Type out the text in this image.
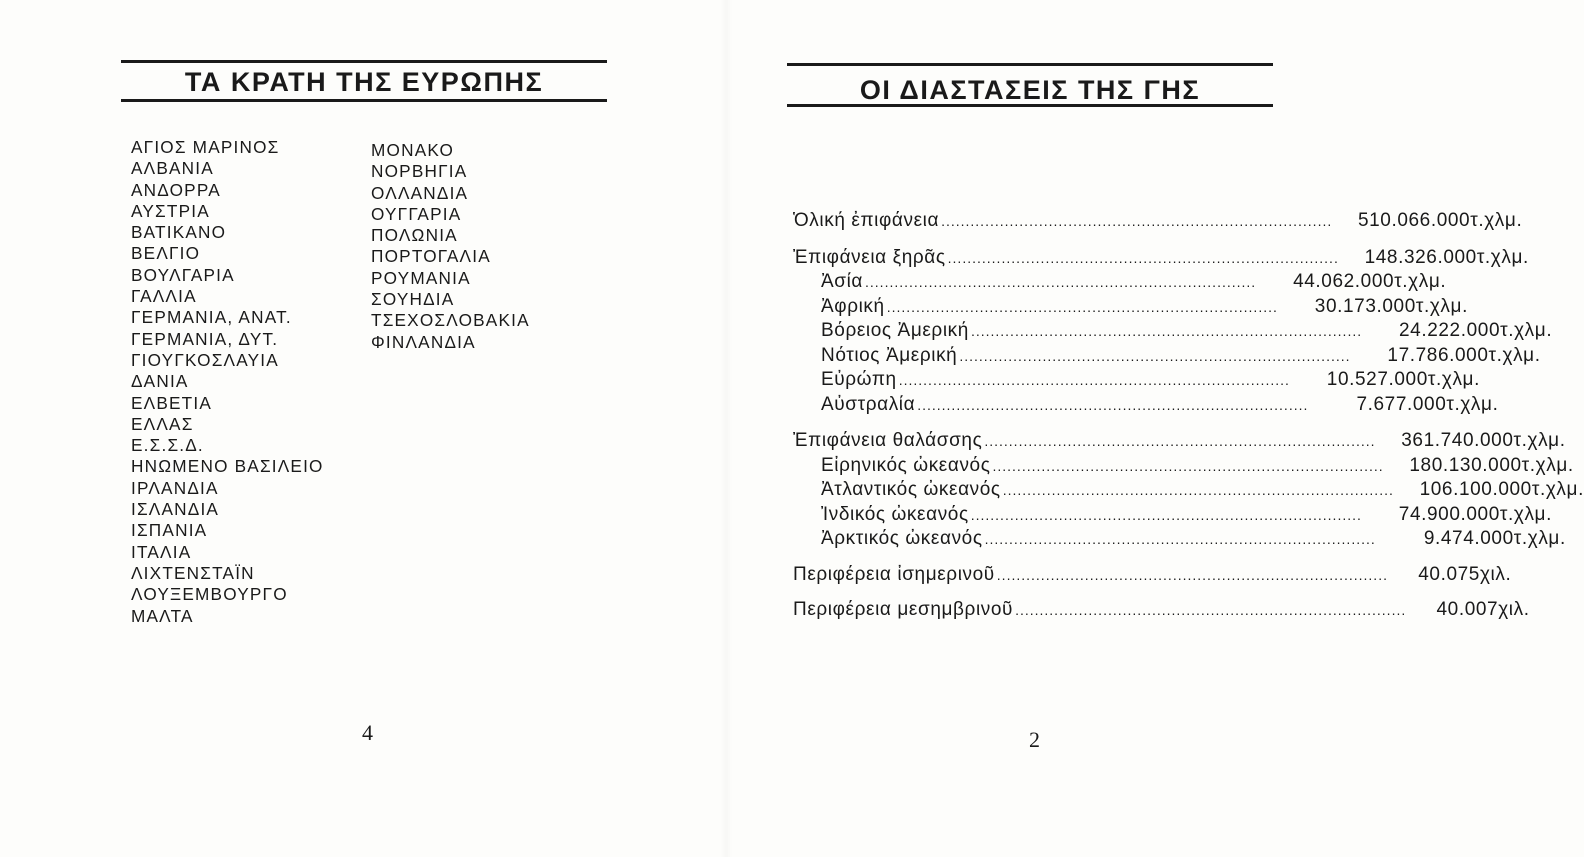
ΤΑ ΚΡΑΤΗ ΤΗΣ ΕΥΡΩΠΗΣ
ΑΓΙΟΣ ΜΑΡΙΝΟΣ
ΑΛΒΑΝΙΑ
ΑΝΔΟΡΡΑ
ΑΥΣΤΡΙΑ
ΒΑΤΙΚΑΝΟ
ΒΕΛΓΙΟ
ΒΟΥΛΓΑΡΙΑ
ΓΑΛΛΙΑ
ΓΕΡΜΑΝΙΑ, ΑΝΑΤ.
ΓΕΡΜΑΝΙΑ, ΔΥΤ.
ΓΙΟΥΓΚΟΣΛΑΥΙΑ
ΔΑΝΙΑ
ΕΛΒΕΤΙΑ
ΕΛΛΑΣ
Ε.Σ.Σ.Δ.
ΗΝΩΜΕΝΟ ΒΑΣΙΛΕΙΟ
ΙΡΛΑΝΔΙΑ
ΙΣΛΑΝΔΙΑ
ΙΣΠΑΝΙΑ
ΙΤΑΛΙΑ
ΛΙΧΤΕΝΣΤΑΪΝ
ΛΟΥΞΕΜΒΟΥΡΓΟ
ΜΑΛΤΑ
ΜΟΝΑΚΟ
ΝΟΡΒΗΓΙΑ
ΟΛΛΑΝΔΙΑ
ΟΥΓΓΑΡΙΑ
ΠΟΛΩΝΙΑ
ΠΟΡΤΟΓΑΛΙΑ
ΡΟΥΜΑΝΙΑ
ΣΟΥΗΔΙΑ
ΤΣΕΧΟΣΛΟΒΑΚΙΑ
ΦΙΝΛΑΝΔΙΑ
4
ΟΙ ΔΙΑΣΤΑΣΕΙΣ ΤΗΣ ΓΗΣ
Ὁλική ἐπιφάνεια ................................................................................	510.066.000 τ.χλμ.
Ἐπιφάνεια ξηρᾶς ................................................................................	148.326.000 τ.χλμ.
Ἀσία ................................................................................	44.062.000 τ.χλμ.
Ἀφρική ................................................................................	30.173.000 τ.χλμ.
Βόρειος Ἀμερική ................................................................................	24.222.000 τ.χλμ.
Νότιος Ἀμερική ................................................................................	17.786.000 τ.χλμ.
Εὐρώπη ................................................................................	10.527.000 τ.χλμ.
Αὐστραλία ................................................................................	7.677.000 τ.χλμ.
Ἐπιφάνεια θαλάσσης ................................................................................	361.740.000 τ.χλμ.
Εἰρηνικός ὠκεανός ................................................................................	180.130.000 τ.χλμ.
Ἀτλαντικός ὠκεανός ................................................................................	106.100.000 τ.χλμ.
Ἰνδικός ὠκεανός ................................................................................	74.900.000 τ.χλμ.
Ἀρκτικός ὠκεανός ................................................................................	9.474.000 τ.χλμ.
Περιφέρεια ἰσημερινοῦ ................................................................................	40.075 χιλ.
Περιφέρεια μεσημβρινοῦ ................................................................................	40.007 χιλ.
2
